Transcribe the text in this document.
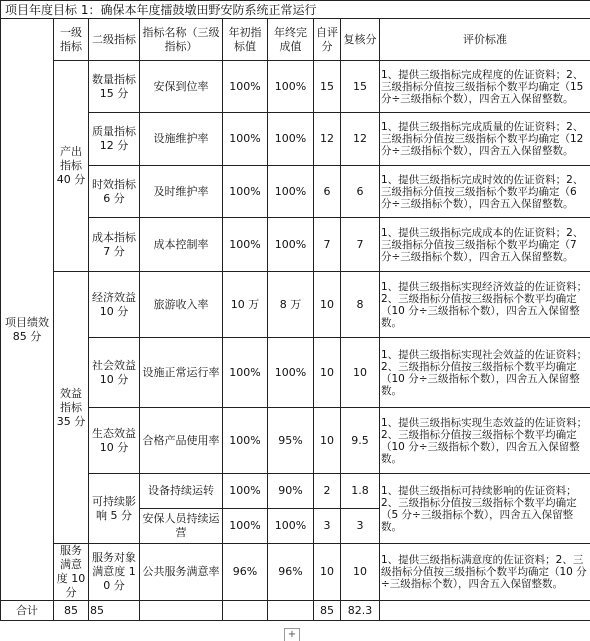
项目年度目标 1：确保本年度擂鼓墩田野安防系统正常运行								
	一级指标	二级指标	指标名称（三级指标）	年初指标值	年终完成值	自评分	复核分	评价标准
项目绩效 85 分	产出指标 40 分	数量指标 15 分	安保到位率	100%	100%	15	15	1、提供三级指标完成程度的佐证资料；2、三级指标分值按三级指标个数平均确定（15 分÷三级指标个数），四舍五入保留整数。
		质量指标 12 分	设施维护率	100%	100%	12	12	1、提供三级指标完成质量的佐证资料；2、三级指标分值按三级指标个数平均确定（12 分÷三级指标个数），四舍五入保留整数。
		时效指标 6 分	及时维护率	100%	100%	6	6	1、提供三级指标完成时效的佐证资料；2、三级指标分值按三级指标个数平均确定（6 分÷三级指标个数），四舍五入保留整数。
		成本指标 7 分	成本控制率	100%	100%	7	7	1、提供三级指标完成成本的佐证资料；2、三级指标分值按三级指标个数平均确定（7 分÷三级指标个数），四舍五入保留整数。
	效益指标 35 分	经济效益 10 分	旅游收入率	10 万	8 万	10	8	1、提供三级指标实现经济效益的佐证资料；2、三级指标分值按三级指标个数平均确定（10 分÷三级指标个数），四舍五入保留整数。
		社会效益 10 分	设施正常运行率	100%	100%	10	10	1、提供三级指标实现社会效益的佐证资料；2、三级指标分值按三级指标个数平均确定（10 分÷三级指标个数），四舍五入保留整数。
		生态效益 10 分	合格产品使用率	100%	95%	10	9.5	1、提供三级指标实现生态效益的佐证资料；2、三级指标分值按三级指标个数平均确定（10 分÷三级指标个数），四舍五入保留整数。
		可持续影响 5 分	设备持续运转	100%	90%	2	1.8	1、提供三级指标可持续影响的佐证资料；2、三级指标分值按三级指标个数平均确定（5 分÷三级指标个数），四舍五入保留整数。
			安保人员持续运营	100%	100%	3	3	
	服务满意度 10 分	服务对象满意度 10 分	公共服务满意率	96%	96%	10	10	1、提供三级指标满意度的佐证资料；2、三级指标分值按三级指标个数平均确定（10 分÷三级指标个数），四舍五入保留整数。
合计	85	85				85	82.3	
+
